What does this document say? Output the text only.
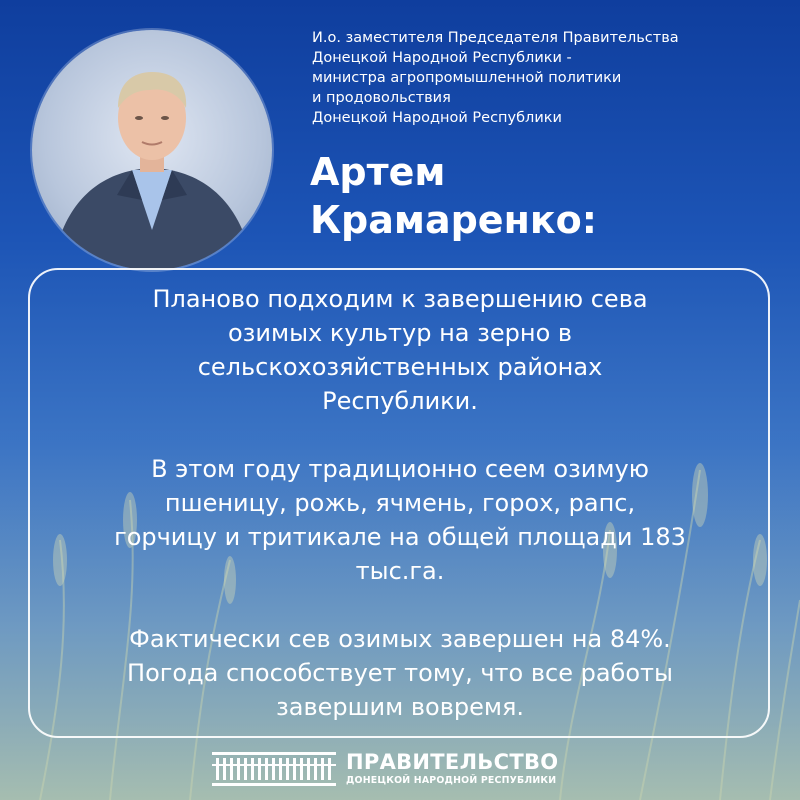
И.о. заместителя Председателя Правительства
Донецкой Народной Республики -
министра агропромышленной политики
и продовольствия
Донецкой Народной Республики
Артем
Крамаренко:

Планово подходим к завершению сева
озимых культур на зерно в
сельскохозяйственных районах
Республики.

В этом году традиционно сеем озимую
пшеницу, рожь, ячмень, горох, рапс,
горчицу и тритикале на общей площади 183
тыс.га.

Фактически сев озимых завершен на 84%.
Погода способствует тому, что все работы
завершим вовремя.

ПРАВИТЕЛЬСТВО
ДОНЕЦКОЙ НАРОДНОЙ РЕСПУБЛИКИ
